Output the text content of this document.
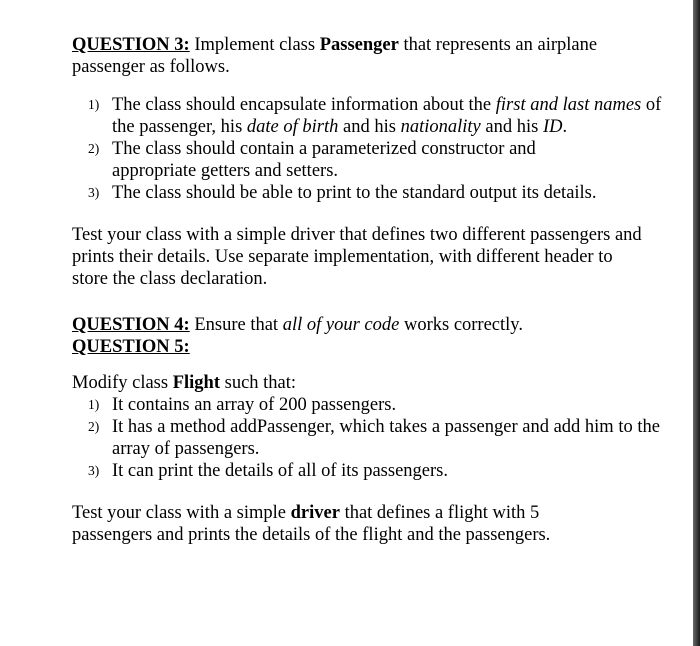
QUESTION 3: Implement class Passenger that represents an airplane passenger as follows.

1) The class should encapsulate information about the first and last names of the passenger, his date of birth and his nationality and his ID.
2) The class should contain a parameterized constructor and appropriate getters and setters.
3) The class should be able to print to the standard output its details.

Test your class with a simple driver that defines two different passengers and prints their details. Use separate implementation, with different header to store the class declaration.

QUESTION 4: Ensure that all of your code works correctly.

QUESTION 5:

Modify class Flight such that:

1) It contains an array of 200 passengers.
2) It has a method addPassenger, which takes a passenger and add him to the array of passengers.
3) It can print the details of all of its passengers.

Test your class with a simple driver that defines a flight with 5 passengers and prints the details of the flight and the passengers.
